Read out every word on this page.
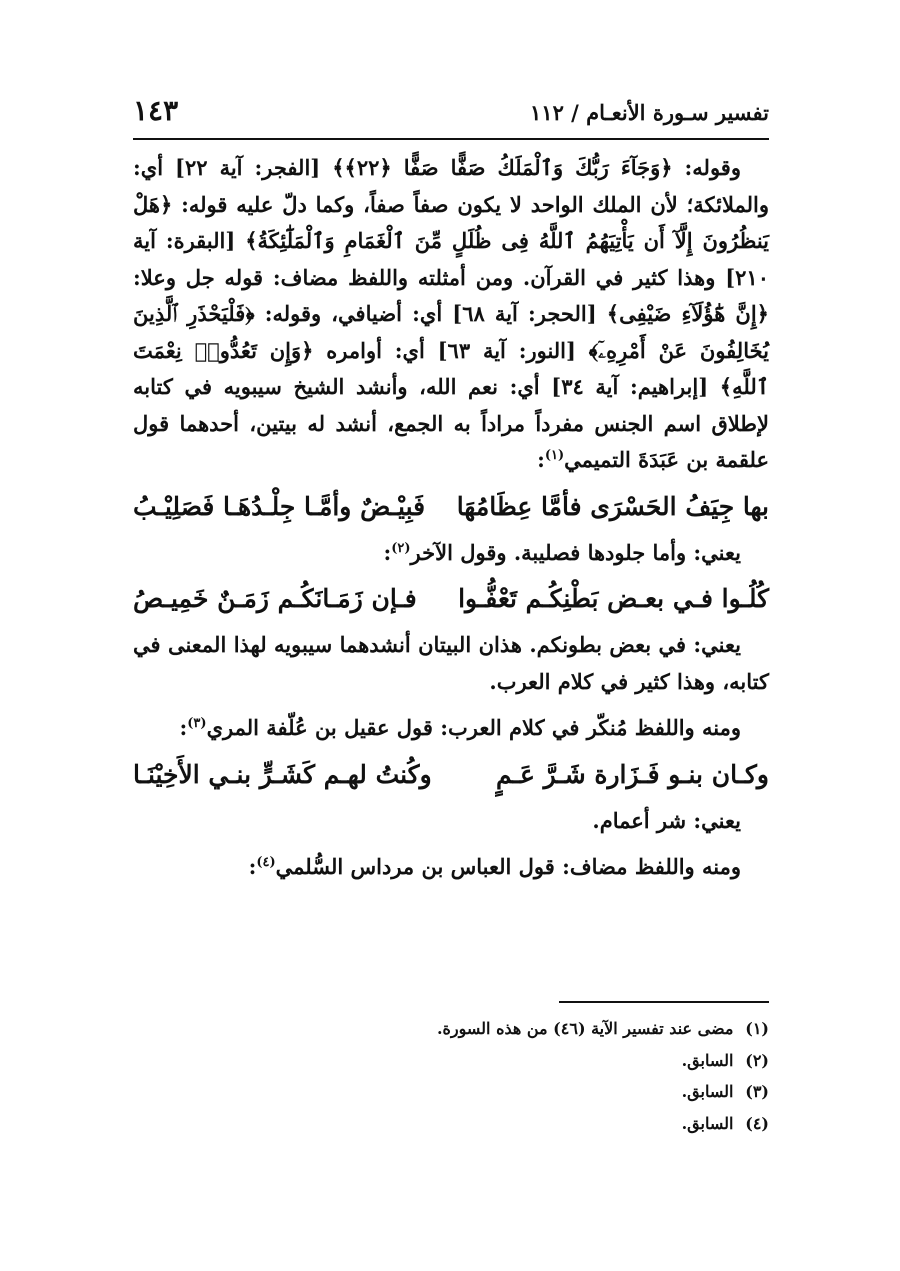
تفسير سـورة الأنعـام / ١١٢
١٤٣

وقوله: ﴿وَجَآءَ رَبُّكَ وَٱلْمَلَكُ صَفًّا صَفًّا ﴿٢٢﴾﴾ [الفجر: آية ٢٢] أي: والملائكة؛ لأن الملك الواحد لا يكون صفاً صفاً، وكما دلّ عليه قوله: ﴿هَلْ يَنظُرُونَ إِلَّآ أَن يَأْتِيَهُمُ ٱللَّهُ فِى ظُلَلٍ مِّنَ ٱلْغَمَامِ وَٱلْمَلَٰٓئِكَةُ﴾ [البقرة: آية ٢١٠] وهذا كثير في القرآن. ومن أمثلته واللفظ مضاف: قوله جل وعلا: ﴿إِنَّ هَٰٓؤُلَآءِ ضَيْفِى﴾ [الحجر: آية ٦٨] أي: أضيافي، وقوله: ﴿فَلْيَحْذَرِ ٱلَّذِينَ يُخَالِفُونَ عَنْ أَمْرِهِۦٓ﴾ [النور: آية ٦٣] أي: أوامره ﴿وَإِن تَعُدُّوا۟ نِعْمَتَ ٱللَّهِ﴾ [إبراهيم: آية ٣٤] أي: نعم الله، وأنشد الشيخ سيبويه في كتابه لإطلاق اسم الجنس مفرداً مراداً به الجمع، أنشد له بيتين، أحدهما قول علقمة بن عَبَدَةَ التميمي$^{(١)}$:

بها جِيَفُ الحَسْرَى فأمَّا عِظَامُهَا
فَبِيْـضٌ وأمَّـا جِلْـدُهَـا فَصَلِيْـبُ

يعني: وأما جلودها فصليبة. وقول الآخر$^{(٢)}$:

كُلُـوا فـي بعـض بَطْنِكُـم تَعْفُّـوا
فـإن زَمَـانَكُـم زَمَـنٌ خَمِيـصُ

يعني: في بعض بطونكم. هذان البيتان أنشدهما سيبويه لهذا المعنى في كتابه، وهذا كثير في كلام العرب.

ومنه واللفظ مُنكّر في كلام العرب: قول عقيل بن عُلّفة المري$^{(٣)}$:

وكـان بنـو فَـزَارة شَـرَّ عَـمٍ
وكُنتُ لهـم كَشَـرٍّ بنـي الأَخِيْنَـا

يعني: شر أعمام.

ومنه واللفظ مضاف: قول العباس بن مرداس السُّلمي$^{(٤)}$:

(١) مضى عند تفسير الآية (٤٦) من هذه السورة.

(٢) السابق.

(٣) السابق.

(٤) السابق.
